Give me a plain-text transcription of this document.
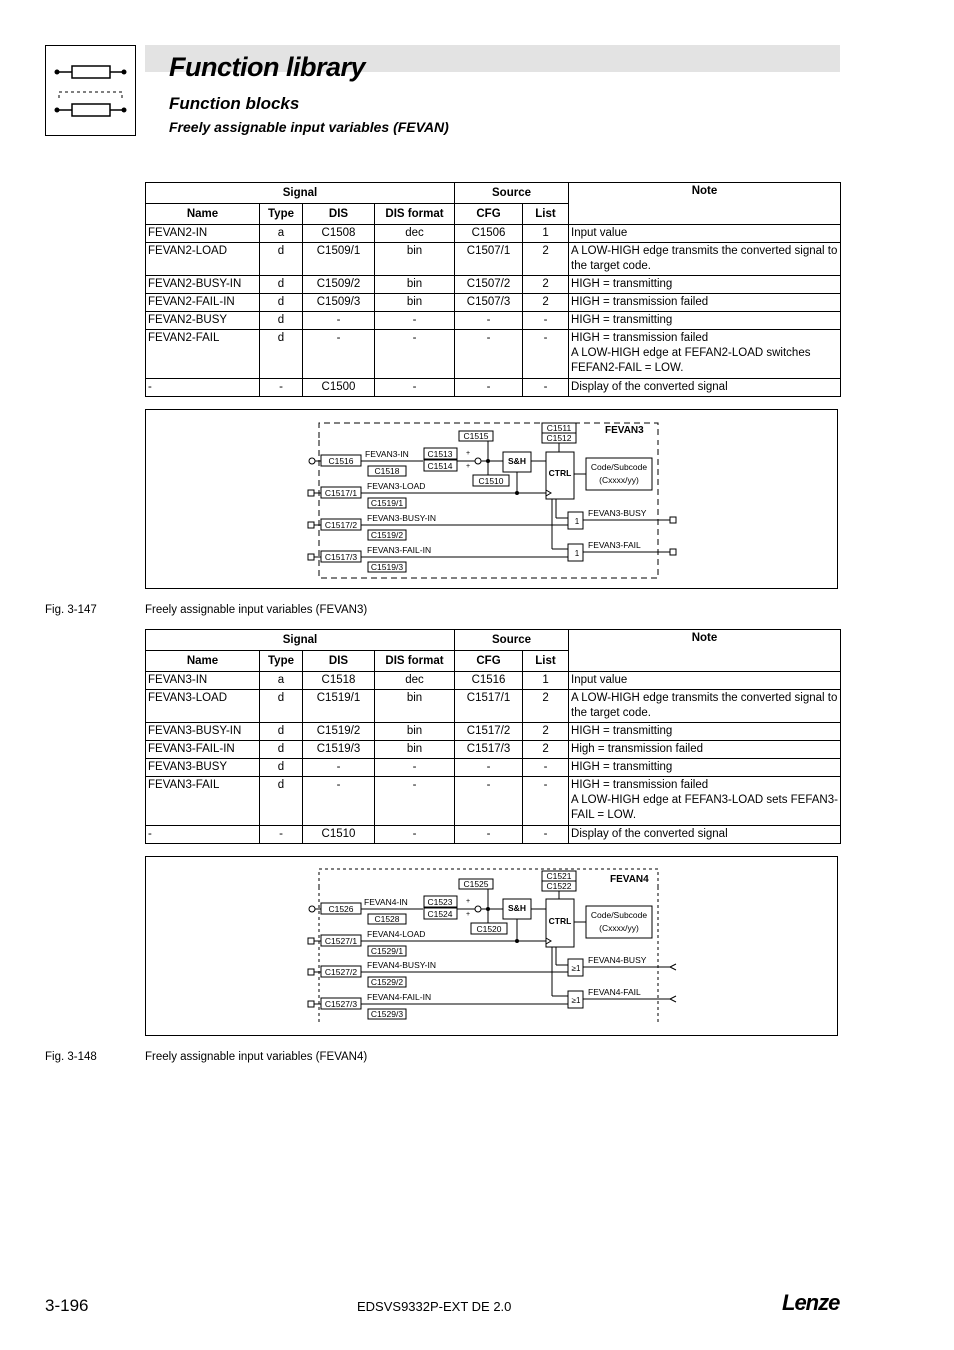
Function library
Function blocks
Freely assignable input variables (FEVAN)
Signal				Source		Note
Name	Type	DIS	DIS format	CFG	List	
FEVAN2-IN	a	C1508	dec	C1506	1	Input value
FEVAN2-LOAD	d	C1509/1	bin	C1507/1	2	A LOW-HIGH edge transmits the converted signal to the target code.
FEVAN2-BUSY-IN	d	C1509/2	bin	C1507/2	2	HIGH = transmitting
FEVAN2-FAIL-IN	d	C1509/3	bin	C1507/3	2	HIGH = transmission failed
FEVAN2-BUSY	d	-	-	-	-	HIGH = transmitting
FEVAN2-FAIL	d	-	-	-	-	HIGH = transmission failed
A LOW-HIGH edge at FEFAN2-LOAD switches FEFAN2-FAIL = LOW.

-	-	C1500	-	-	-	Display of the converted signal
FEVAN3
C1516
FEVAN3-IN
C1518
C1513
C1514
+
+
C1515
C1510
S&H
C1511
C1512
CTRL
Code/Subcode
(Cxxxx/yy)
C1517/1
FEVAN3-LOAD
C1519/1
C1517/2
FEVAN3-BUSY-IN
C1519/2
1
FEVAN3-BUSY
C1517/3
FEVAN3-FAIL-IN
C1519/3
1
FEVAN3-FAIL
Fig. 3-147	Freely assignable input variables (FEVAN3)
Signal				Source		Note
Name	Type	DIS	DIS format	CFG	List	
FEVAN3-IN	a	C1518	dec	C1516	1	Input value
FEVAN3-LOAD	d	C1519/1	bin	C1517/1	2	A LOW-HIGH edge transmits the converted signal to the target code.
FEVAN3-BUSY-IN	d	C1519/2	bin	C1517/2	2	HIGH = transmitting
FEVAN3-FAIL-IN	d	C1519/3	bin	C1517/3	2	High = transmission failed
FEVAN3-BUSY	d	-	-	-	-	HIGH = transmitting
FEVAN3-FAIL	d	-	-	-	-	HIGH = transmission failed
A LOW-HIGH edge at FEFAN3-LOAD sets FEFAN3-FAIL = LOW.

-	-	C1510	-	-	-	Display of the converted signal
FEVAN4
C1526
FEVAN4-IN
C1528
C1523
C1524
+
+
C1525
C1520
S&H
C1521
C1522
CTRL
Code/Subcode
(Cxxxx/yy)
C1527/1
FEVAN4-LOAD
C1529/1
C1527/2
FEVAN4-BUSY-IN
C1529/2
≥1
FEVAN4-BUSY
C1527/3
FEVAN4-FAIL-IN
C1529/3
≥1
FEVAN4-FAIL
Fig. 3-148	Freely assignable input variables (FEVAN4)
3-196	EDSVS9332P-EXT DE 2.0	Lenze
